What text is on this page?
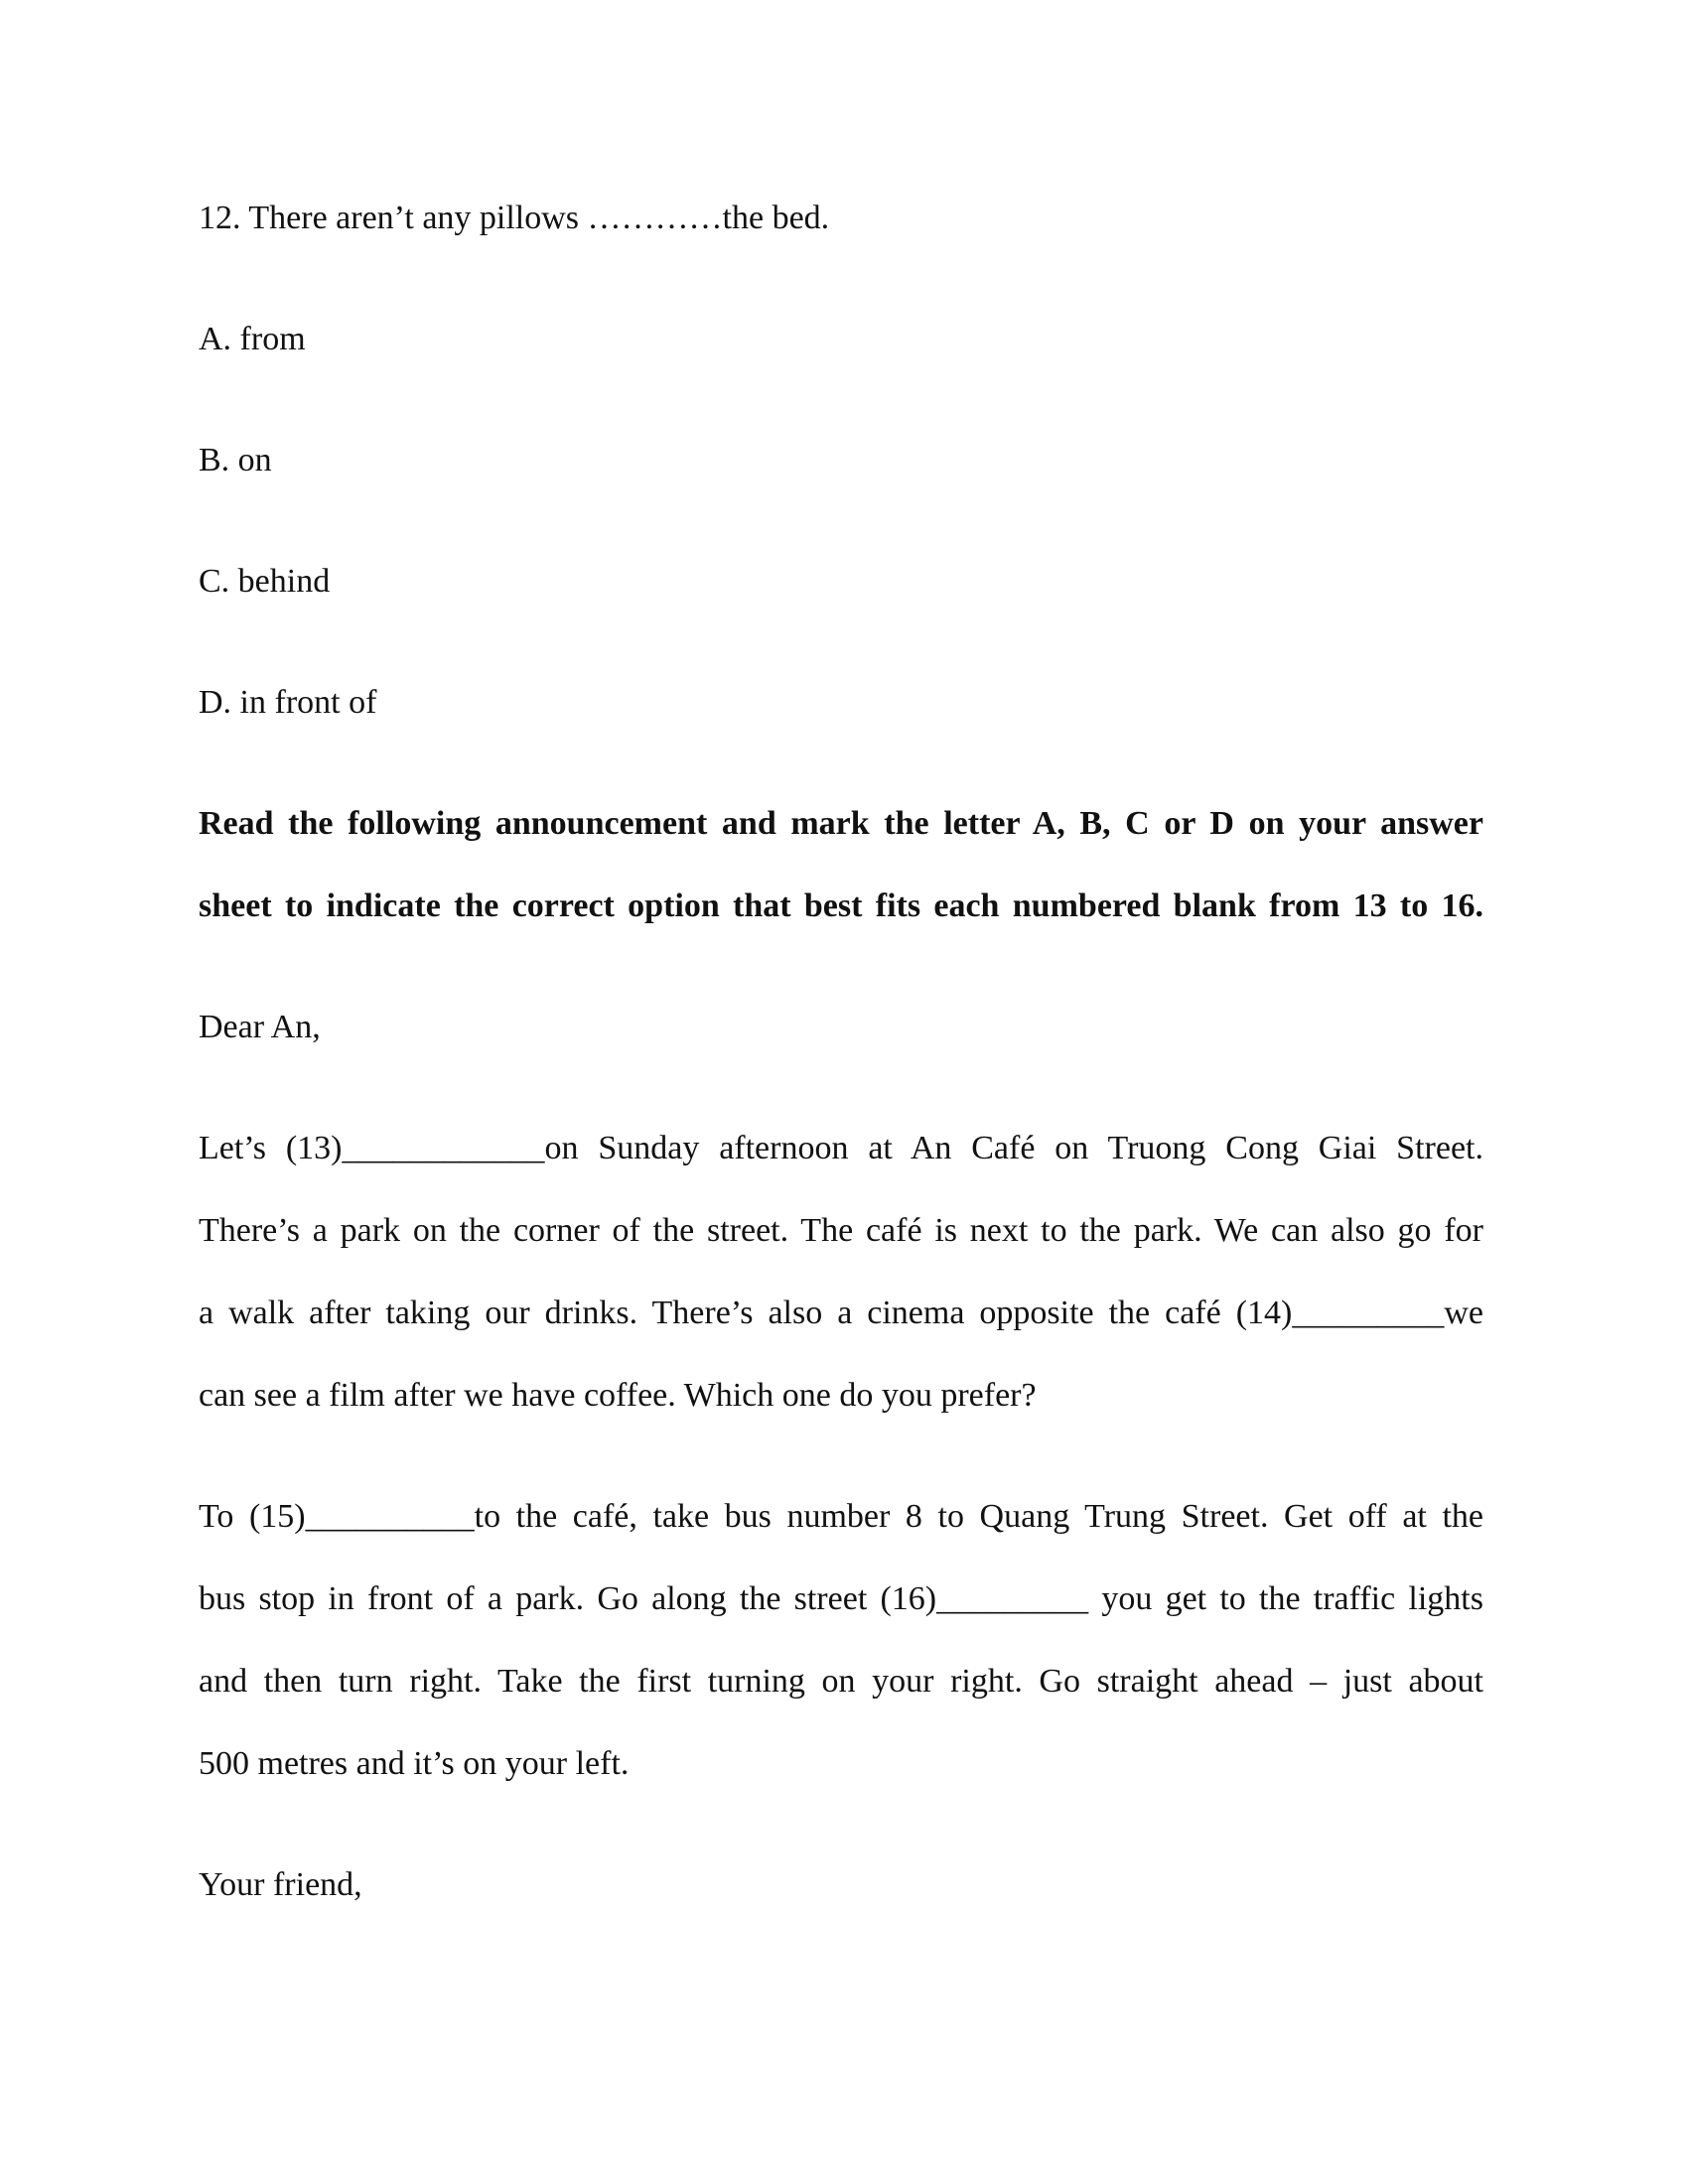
12. There aren’t any pillows …………the bed.
A. from
B. on
C. behind
D. in front of
Read the following announcement and mark the letter A, B, C or D on your answer
sheet to indicate the correct option that best fits each numbered blank from 13 to 16.
Dear An,
Let’s (13)____________on Sunday afternoon at An Café on Truong Cong Giai Street.
There’s a park on the corner of the street. The café is next to the park. We can also go for
a walk after taking our drinks. There’s also a cinema opposite the café (14)_________we
can see a film after we have coffee. Which one do you prefer?
To (15)__________to the café, take bus number 8 to Quang Trung Street. Get off at the
bus stop in front of a park. Go along the street (16)_________ you get to the traffic lights
and then turn right. Take the first turning on your right. Go straight ahead – just about
500 metres and it’s on your left.
Your friend,
